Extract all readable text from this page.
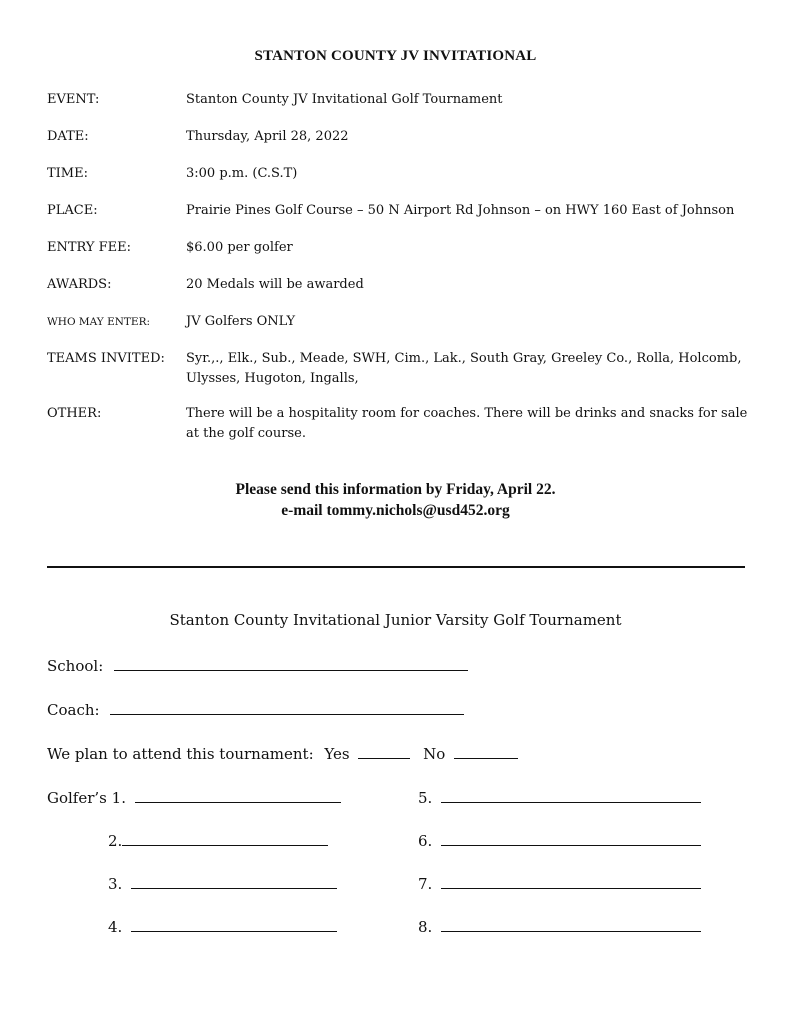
STANTON COUNTY JV INVITATIONAL
EVENT:	Stanton County JV Invitational Golf Tournament
DATE:	Thursday, April 28, 2022
TIME:	3:00 p.m. (C.S.T)
PLACE:	Prairie Pines Golf Course – 50 N Airport Rd Johnson – on HWY 160 East of Johnson
ENTRY FEE:	$6.00 per golfer
AWARDS:	20 Medals will be awarded
WHO MAY ENTER:	JV Golfers ONLY
TEAMS INVITED: Syr.,., Elk., Sub., Meade, SWH, Cim., Lak., South Gray, Greeley Co., Rolla, Holcomb, Ulysses, Hugoton, Ingalls,
OTHER:	There will be a hospitality room for coaches. There will be drinks and snacks for sale at the golf course.
Please send this information by Friday, April 22.
e-mail tommy.nichols@usd452.org
Stanton County Invitational Junior Varsity Golf Tournament
School:
Coach:
We plan to attend this tournament: Yes	No
Golfer’s 1.
2.
3.
4.
5.
6.
7.
8.
